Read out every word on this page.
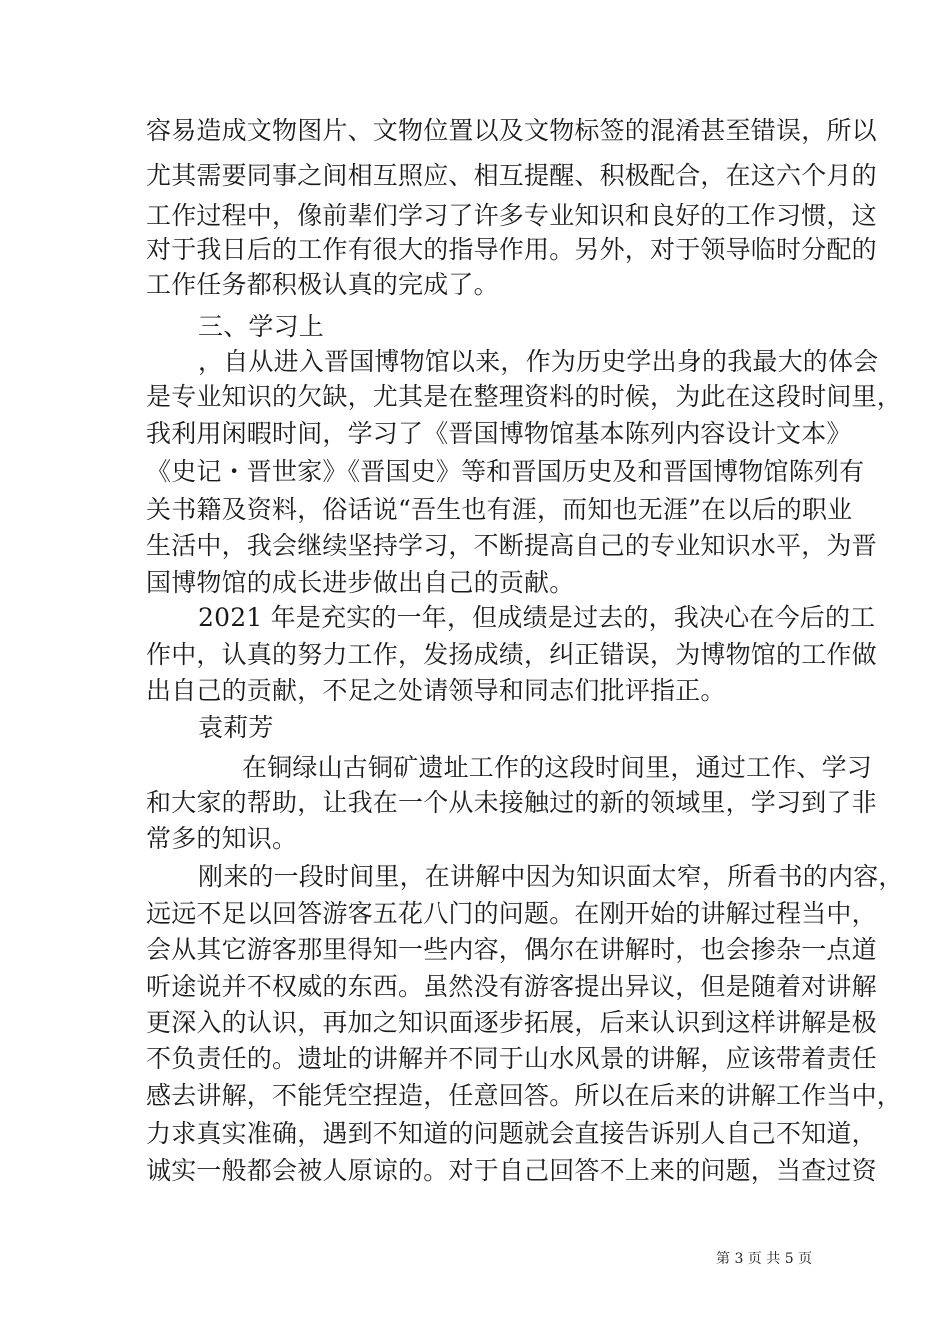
容易造成文物图片、文物位置以及文物标签的混淆甚至错误，所以
尤其需要同事之间相互照应、相互提醒、积极配合，在这六个月的
工作过程中，像前辈们学习了许多专业知识和良好的工作习惯，这
对于我日后的工作有很大的指导作用。另外，对于领导临时分配的
工作任务都积极认真的完成了。
三、学习上
，自从进入晋国博物馆以来，作为历史学出身的我最大的体会
是专业知识的欠缺，尤其是在整理资料的时候，为此在这段时间里，
我利用闲暇时间，学习了《晋国博物馆基本陈列内容设计文本》
《史记・晋世家》《晋国史》等和晋国历史及和晋国博物馆陈列有
关书籍及资料，俗话说“吾生也有涯，而知也无涯”在以后的职业
生活中，我会继续坚持学习，不断提高自己的专业知识水平，为晋
国博物馆的成长进步做出自己的贡献。
2021 年是充实的一年，但成绩是过去的，我决心在今后的工
作中，认真的努力工作，发扬成绩，纠正错误，为博物馆的工作做
出自己的贡献，不足之处请领导和同志们批评指正。
袁莉芳
在铜绿山古铜矿遗址工作的这段时间里，通过工作、学习
和大家的帮助，让我在一个从未接触过的新的领域里，学习到了非
常多的知识。
刚来的一段时间里，在讲解中因为知识面太窄，所看书的内容，
远远不足以回答游客五花八门的问题。在刚开始的讲解过程当中，
会从其它游客那里得知一些内容，偶尔在讲解时，也会掺杂一点道
听途说并不权威的东西。虽然没有游客提出异议，但是随着对讲解
更深入的认识，再加之知识面逐步拓展，后来认识到这样讲解是极
不负责任的。遗址的讲解并不同于山水风景的讲解，应该带着责任
感去讲解，不能凭空捏造，任意回答。所以在后来的讲解工作当中，
力求真实准确，遇到不知道的问题就会直接告诉别人自己不知道，
诚实一般都会被人原谅的。对于自己回答不上来的问题，当查过资
第 3 页 共 5 页
